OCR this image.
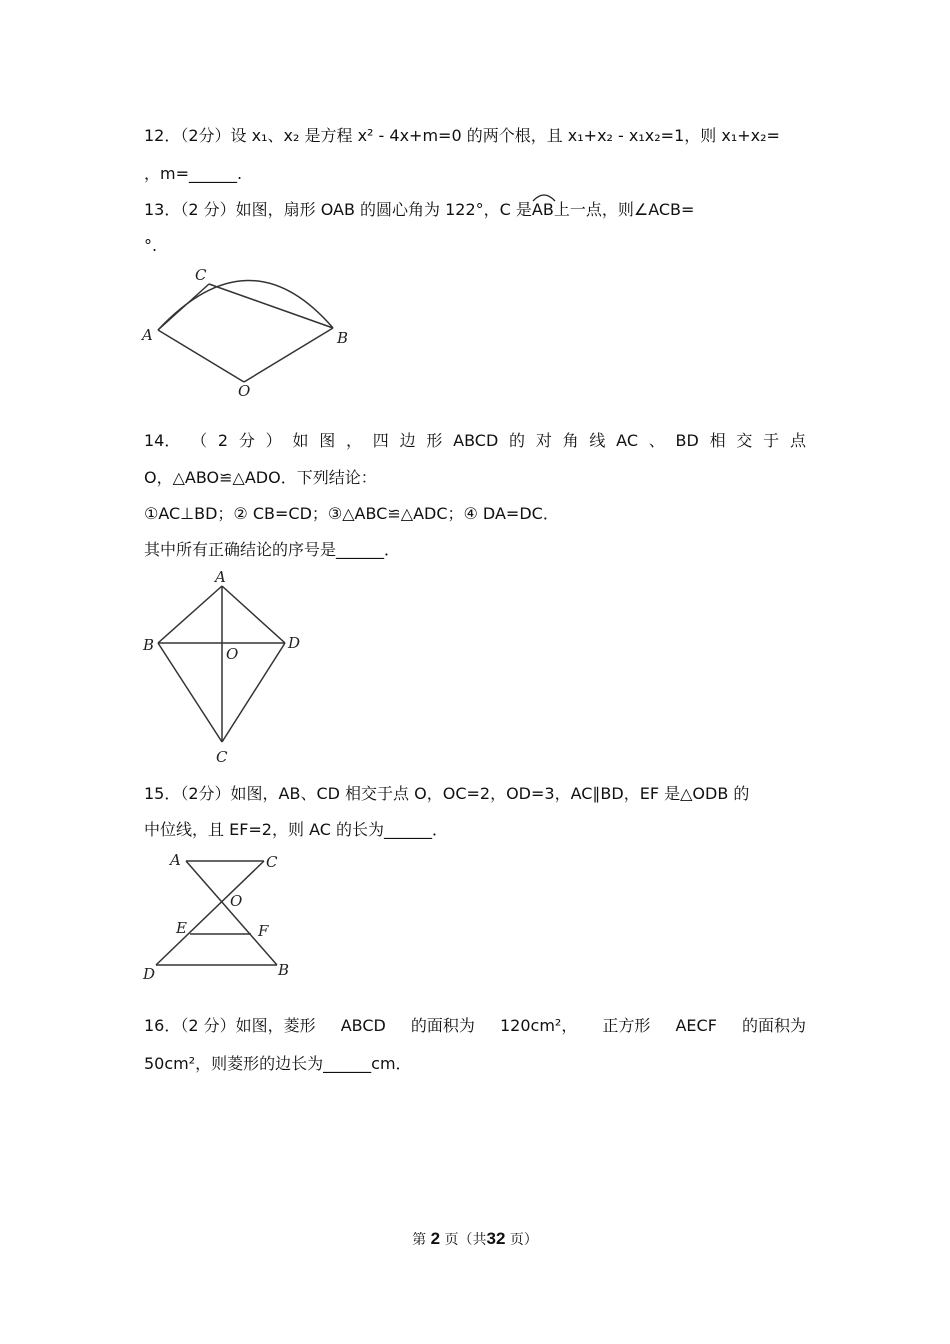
12．（2分）设 x₁、x₂ 是方程 x² ‑ 4x+m=0 的两个根，且 x₁+x₂ ‑ x₁x₂=1，则 x₁+x₂=
，m=______.
13．（2 分）如图，扇形 OAB 的圆心角为 122°，C 是
AB上一点，则∠ACB=
°.
A
C
B
O
14． （ 2 分 ） 如 图 ， 四 边 形 ABCD 的 对 角 线 AC 、 BD 相 交 于 点
O，△ABO≌△ADO．下列结论：
①AC⊥BD；② CB=CD；③△ABC≌△ADC；④ DA=DC．
其中所有正确结论的序号是______．
A
B	D
O
C
15．（2分）如图，AB、CD 相交于点 O，OC=2，OD=3，AC∥BD，EF 是△ODB 的
中位线，且 EF=2，则 AC 的长为______．
A	C
O
E	F
D	B
16．（2 分）如图，菱形 ABCD 的面积为 120cm²， 正方形 AECF 的面积为
50cm²，则菱形的边长为______cm．
第 2 页（共32 页）
